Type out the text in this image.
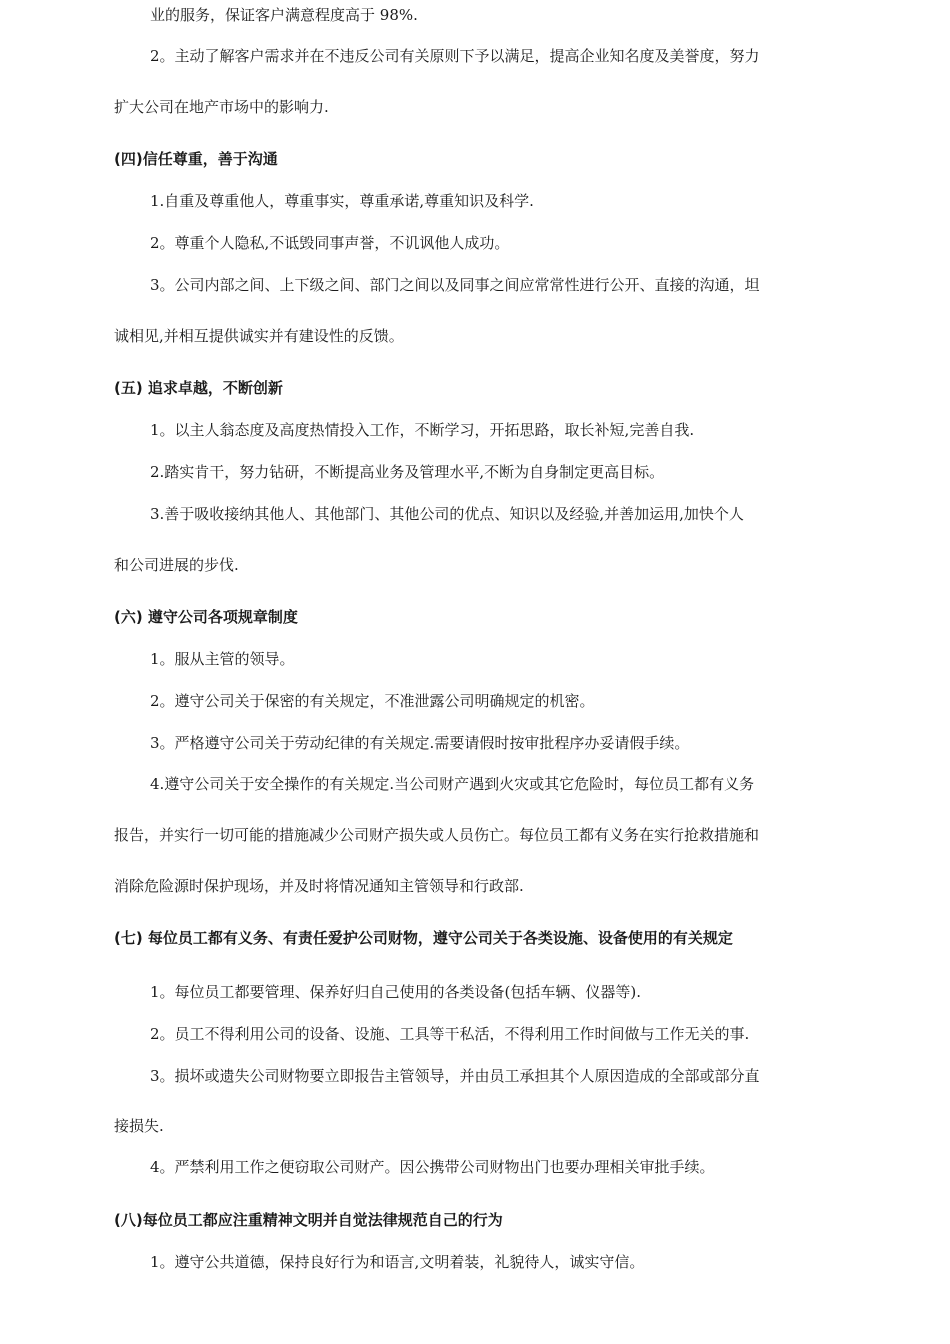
业的服务，保证客户满意程度高于 98%.
2。主动了解客户需求并在不违反公司有关原则下予以满足，提高企业知名度及美誉度，努力
扩大公司在地产市场中的影响力.
(四)信任尊重，善于沟通
1.自重及尊重他人，尊重事实，尊重承诺,尊重知识及科学.
2。尊重个人隐私,不诋毁同事声誉，不讥讽他人成功。
3。公司内部之间、上下级之间、部门之间以及同事之间应常常性进行公开、直接的沟通，坦
诚相见,并相互提供诚实并有建设性的反馈。
(五) 追求卓越，不断创新
1。以主人翁态度及高度热情投入工作，不断学习，开拓思路，取长补短,完善自我.
2.踏实肯干，努力钻研，不断提高业务及管理水平,不断为自身制定更高目标。
3.善于吸收接纳其他人、其他部门、其他公司的优点、知识以及经验,并善加运用,加快个人
和公司进展的步伐.
(六) 遵守公司各项规章制度
1。服从主管的领导。
2。遵守公司关于保密的有关规定，不准泄露公司明确规定的机密。
3。严格遵守公司关于劳动纪律的有关规定.需要请假时按审批程序办妥请假手续。
4.遵守公司关于安全操作的有关规定.当公司财产遇到火灾或其它危险时，每位员工都有义务
报告，并实行一切可能的措施减少公司财产损失或人员伤亡。每位员工都有义务在实行抢救措施和
消除危险源时保护现场，并及时将情况通知主管领导和行政部.
(七) 每位员工都有义务、有责任爱护公司财物，遵守公司关于各类设施、设备使用的有关规定
1。每位员工都要管理、保养好归自己使用的各类设备(包括车辆、仪器等).
2。员工不得利用公司的设备、设施、工具等干私活，不得利用工作时间做与工作无关的事.
3。损坏或遗失公司财物要立即报告主管领导，并由员工承担其个人原因造成的全部或部分直
接损失.
4。严禁利用工作之便窃取公司财产。因公携带公司财物出门也要办理相关审批手续。
(八)每位员工都应注重精神文明并自觉法律规范自己的行为
1。遵守公共道德，保持良好行为和语言,文明着装，礼貌待人，诚实守信。
